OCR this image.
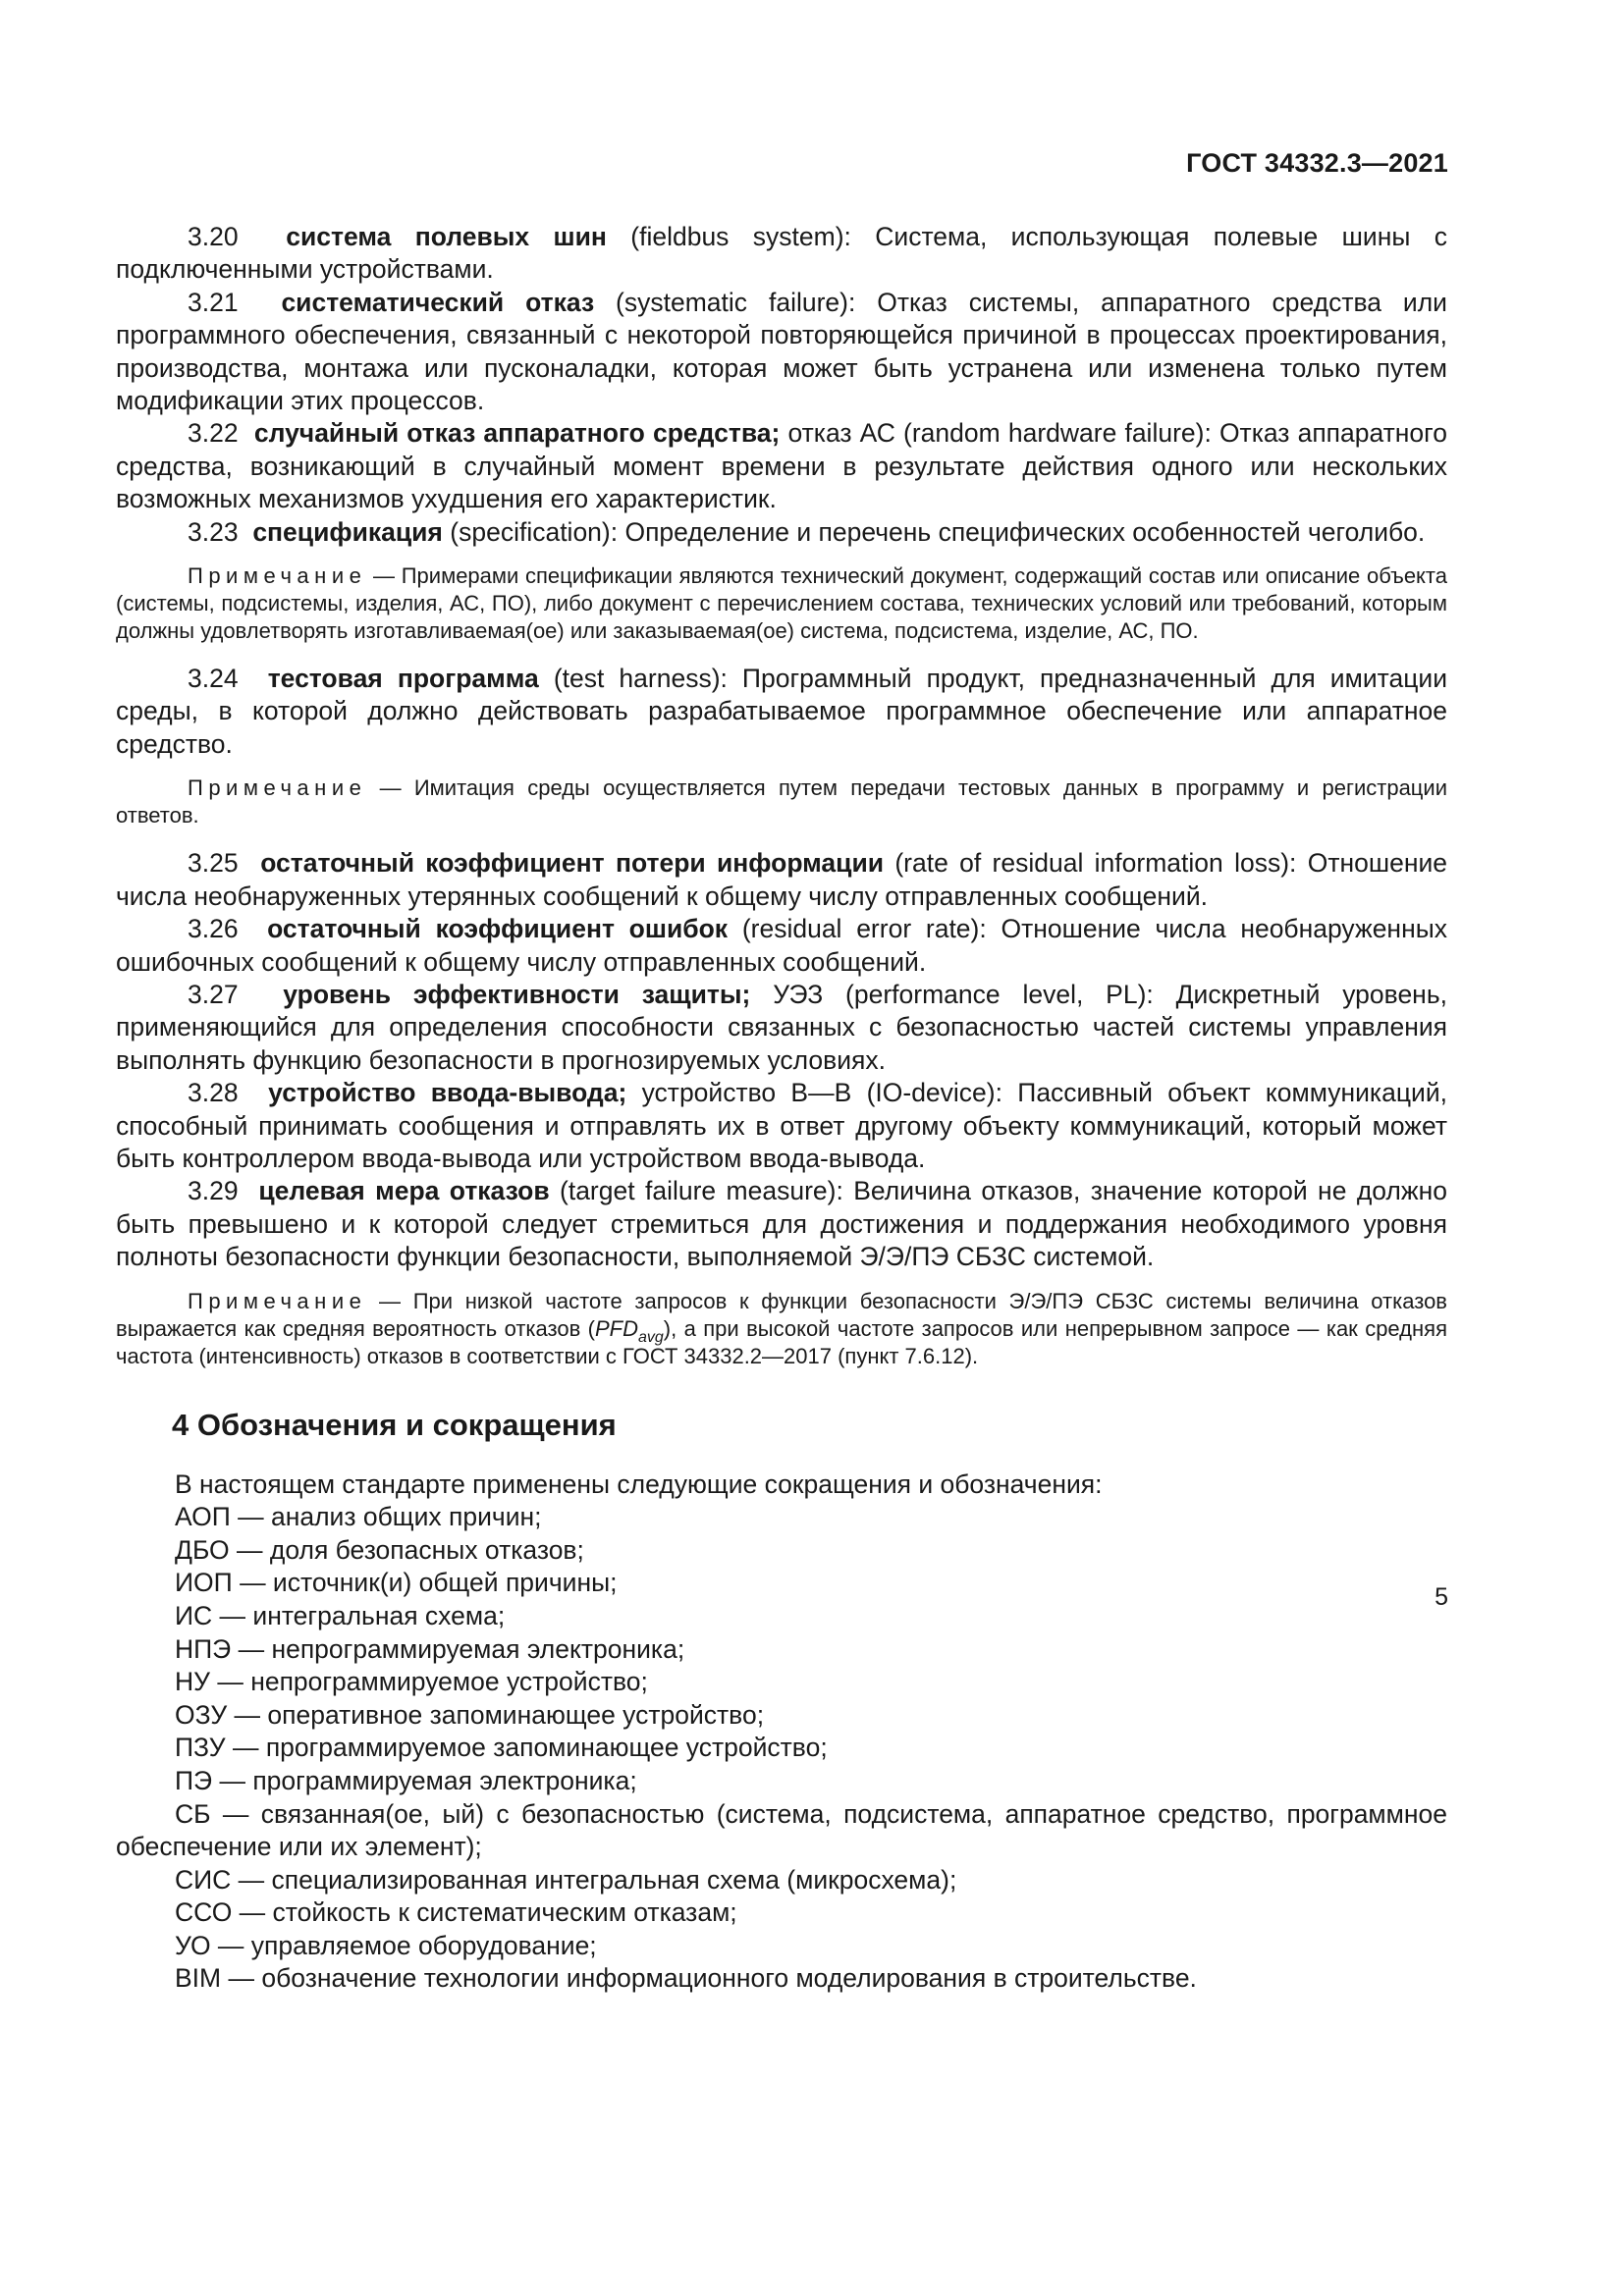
ГОСТ 34332.3—2021

3.20 система полевых шин (fieldbus system): Система, использующая полевые шины с подключенными устройствами.

3.21 систематический отказ (systematic failure): Отказ системы, аппаратного средства или программного обеспечения, связанный с некоторой повторяющейся причиной в процессах проектирования, производства, монтажа или пусконаладки, которая может быть устранена или изменена только путем модификации этих процессов.

3.22 случайный отказ аппаратного средства; отказ АС (random hardware failure): Отказ аппаратного средства, возникающий в случайный момент времени в результате действия одного или нескольких возможных механизмов ухудшения его характеристик.

3.23 спецификация (specification): Определение и перечень специфических особенностей чеголибо.

Примечание — Примерами спецификации являются технический документ, содержащий состав или описание объекта (системы, подсистемы, изделия, АС, ПО), либо документ с перечислением состава, технических условий или требований, которым должны удовлетворять изготавливаемая(ое) или заказываемая(ое) система, подсистема, изделие, АС, ПО.

3.24 тестовая программа (test harness): Программный продукт, предназначенный для имитации среды, в которой должно действовать разрабатываемое программное обеспечение или аппаратное средство.

Примечание — Имитация среды осуществляется путем передачи тестовых данных в программу и регистрации ответов.

3.25 остаточный коэффициент потери информации (rate of residual information loss): Отношение числа необнаруженных утерянных сообщений к общему числу отправленных сообщений.

3.26 остаточный коэффициент ошибок (residual error rate): Отношение числа необнаруженных ошибочных сообщений к общему числу отправленных сообщений.

3.27 уровень эффективности защиты; УЭЗ (performance level, PL): Дискретный уровень, применяющийся для определения способности связанных с безопасностью частей системы управления выполнять функцию безопасности в прогнозируемых условиях.

3.28 устройство ввода-вывода; устройство В—В (IO-device): Пассивный объект коммуникаций, способный принимать сообщения и отправлять их в ответ другому объекту коммуникаций, который может быть контроллером ввода-вывода или устройством ввода-вывода.

3.29 целевая мера отказов (target failure measure): Величина отказов, значение которой не должно быть превышено и к которой следует стремиться для достижения и поддержания необходимого уровня полноты безопасности функции безопасности, выполняемой Э/Э/ПЭ СБЗС системой.

Примечание — При низкой частоте запросов к функции безопасности Э/Э/ПЭ СБЗС системы величина отказов выражается как средняя вероятность отказов $(PFD_{avg})$, а при высокой частоте запросов или непрерывном запросе — как средняя частота (интенсивность) отказов в соответствии с ГОСТ 34332.2—2017 (пункт 7.6.12).

4 Обозначения и сокращения

В настоящем стандарте применены следующие сокращения и обозначения:

АОП — анализ общих причин;

ДБО — доля безопасных отказов;

ИОП — источник(и) общей причины;

ИС — интегральная схема;

НПЭ — непрограммируемая электроника;

НУ — непрограммируемое устройство;

ОЗУ — оперативное запоминающее устройство;

ПЗУ — программируемое запоминающее устройство;

ПЭ — программируемая электроника;

СБ — связанная(ое, ый) с безопасностью (система, подсистема, аппаратное средство, программное обеспечение или их элемент);

СИС — специализированная интегральная схема (микросхема);

ССО — стойкость к систематическим отказам;

УО — управляемое оборудование;

BIM — обозначение технологии информационного моделирования в строительстве.

5
